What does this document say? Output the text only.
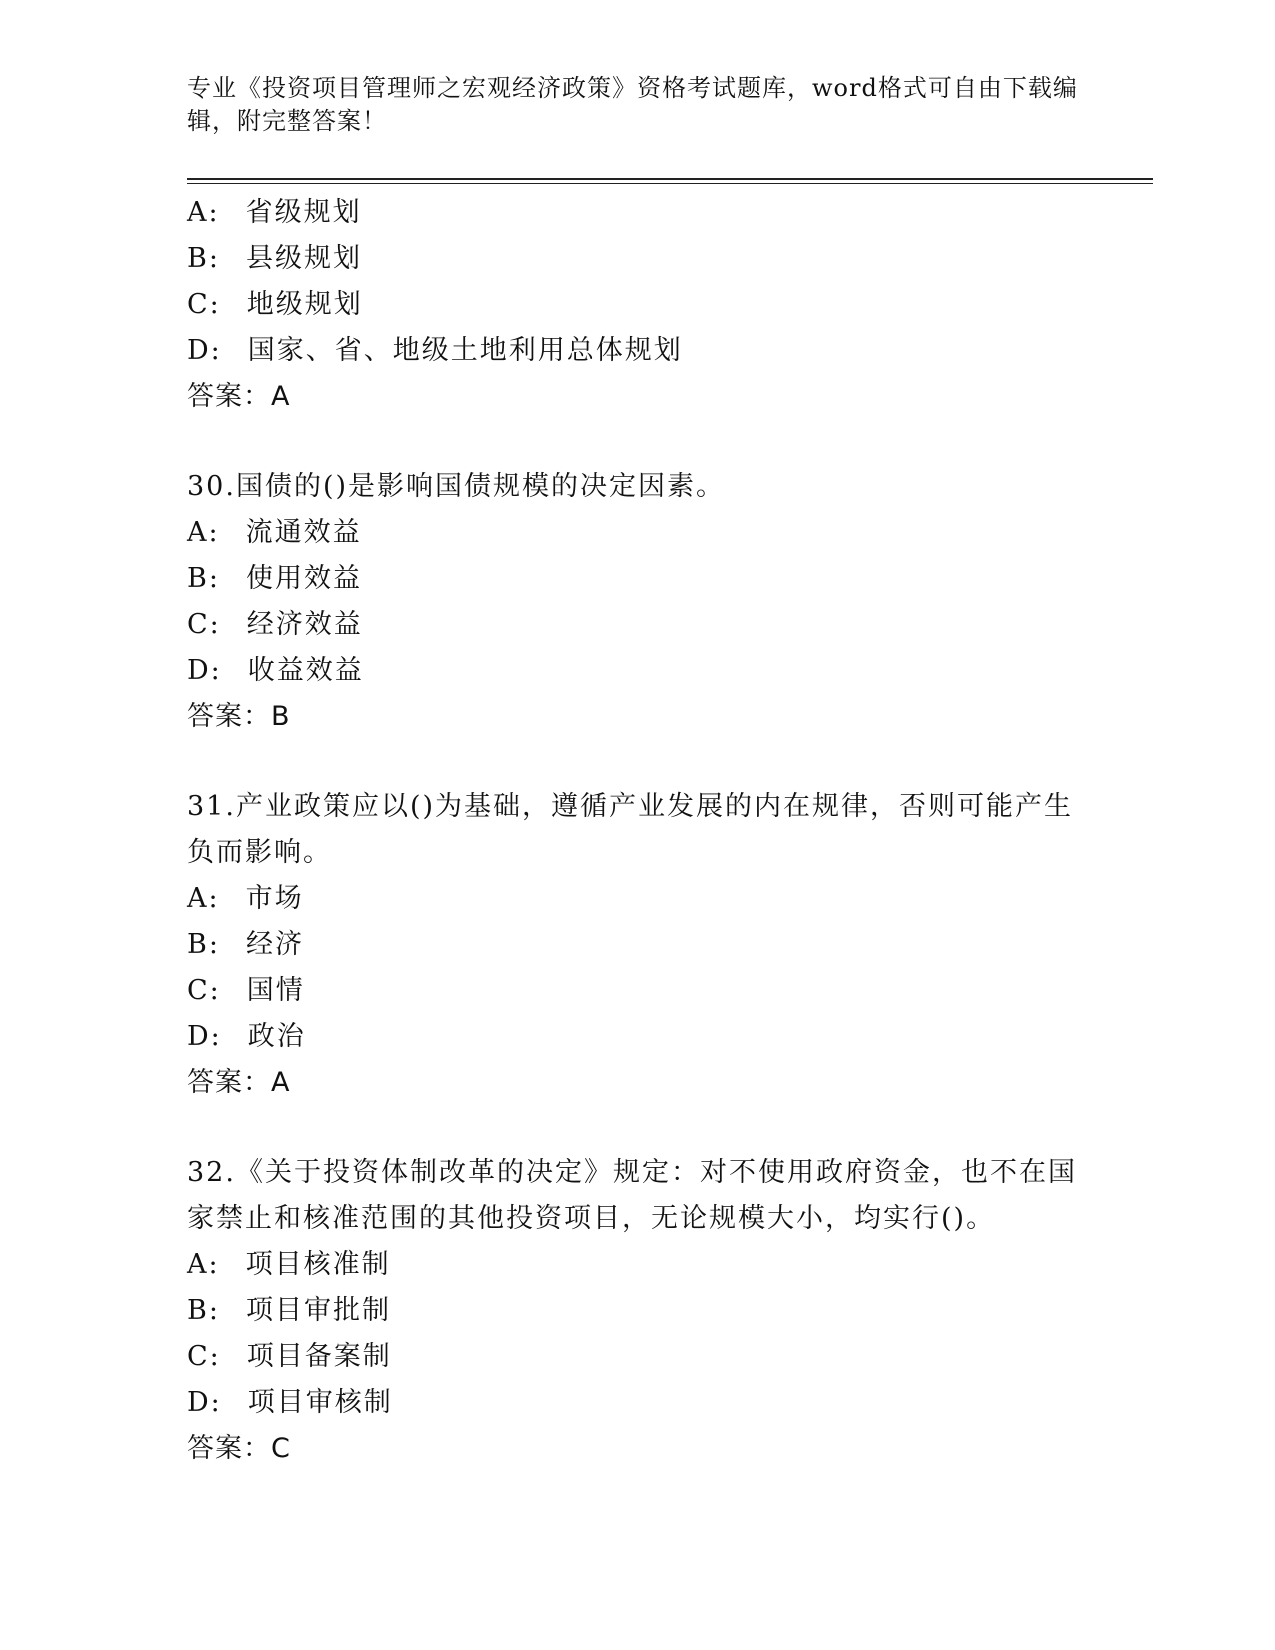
专业《投资项目管理师之宏观经济政策》资格考试题库，word格式可自由下载编辑，附完整答案！
A: 省级规划
B: 县级规划
C: 地级规划
D: 国家、省、地级土地利用总体规划
答案：A
30.国债的()是影响国债规模的决定因素。
A: 流通效益
B: 使用效益
C: 经济效益
D: 收益效益
答案：B
31.产业政策应以()为基础，遵循产业发展的内在规律，否则可能产生负而影响。
A: 市场
B: 经济
C: 国情
D: 政治
答案：A
32.《关于投资体制改革的决定》规定：对不使用政府资金，也不在国家禁止和核准范围的其他投资项目，无论规模大小，均实行()。
A: 项目核准制
B: 项目审批制
C: 项目备案制
D: 项目审核制
答案：C
